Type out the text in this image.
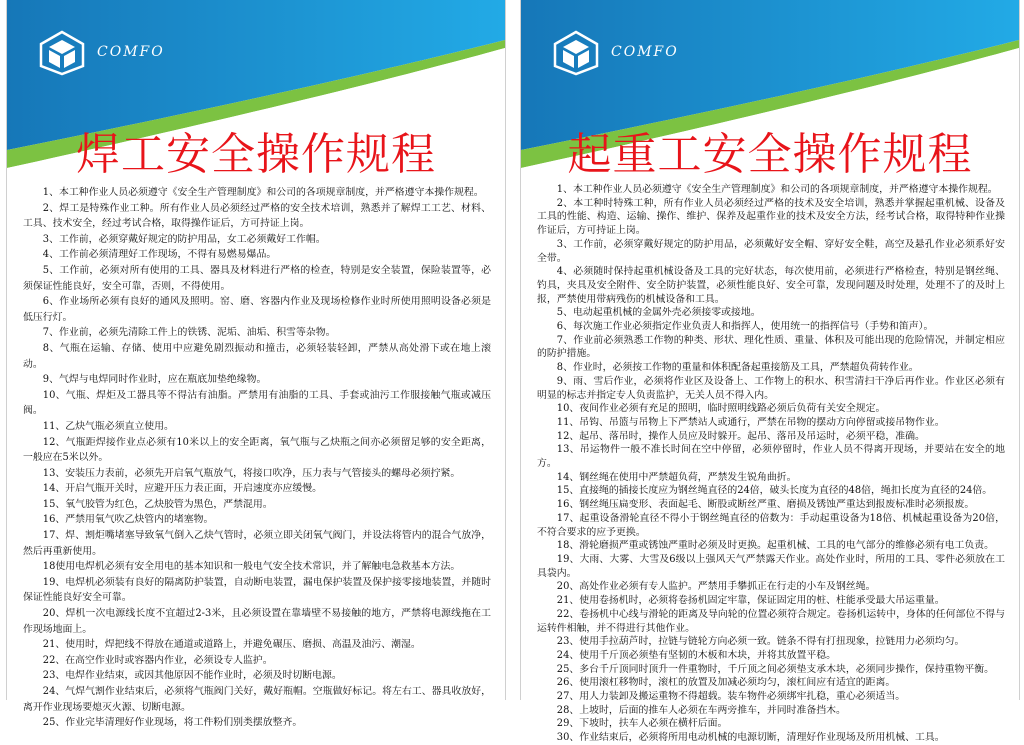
COMFO
焊工安全操作规程

1、本工种作业人员必须遵守《安全生产管理制度》和公司的各项规章制度，并严格遵守本操作规程。

2、焊工是特殊作业工种。所有作业人员必须经过严格的安全技术培训，熟悉并了解焊工工艺、材料、工具、技术安全，经过考试合格，取得操作证后，方可持证上岗。

3、工作前，必须穿戴好规定的防护用品，女工必须戴好工作帽。

4、工作前必须清理好工作现场，不得有易燃易爆品。

5、工作前，必须对所有使用的工具、器具及材料进行严格的检查，特别是安全装置，保险装置等，必须保证性能良好，安全可靠，否则，不得使用。

6、作业场所必须有良好的通风及照明。窑、磨、容器内作业及现场检修作业时所使用照明设备必须是低压行灯。

7、作业前，必须先清除工件上的铁锈、泥垢、油垢、积雪等杂物。

8、气瓶在运输、存储、使用中应避免剧烈振动和撞击，必须轻装轻卸，严禁从高处滑下或在地上滚动。

9、气焊与电焊同时作业时，应在瓶底加垫绝缘物。

10、气瓶、焊炬及工器具等不得沾有油脂。严禁用有油脂的工具、手套或油污工作服接触气瓶或减压阀。

11、乙炔气瓶必须直立使用。

12、气瓶距焊接作业点必须有10米以上的安全距离，氧气瓶与乙炔瓶之间亦必须留足够的安全距离，一般应在5米以外。

13、安装压力表前，必须先开启氧气瓶放气，将接口吹净，压力表与气管接头的螺母必须拧紧。

14、开启气瓶开关时，应避开压力表正面，开启速度亦应缓慢。

15、氧气胶管为红色，乙炔胶管为黑色，严禁混用。

16、严禁用氧气吹乙炔管内的堵塞物。

17、焊、割炬嘴堵塞导致氧气倒入乙炔气管时，必须立即关闭氧气阀门，并设法将管内的混合气放净，然后再重新使用。

18使用电焊机必须有安全用电的基本知识和一般电气安全技术常识，并了解触电急救基本方法。

19、电焊机必须装有良好的隔离防护装置，自动断电装置，漏电保护装置及保护接零接地装置，并随时保证性能良好安全可靠。

20、焊机一次电源线长度不宜超过2-3米，且必须设置在靠墙壁不易接触的地方，严禁将电源线拖在工作现场地面上。

21、使用时，焊把线不得放在通道或道路上，并避免碾压、磨损、高温及油污、潮湿。

22、在高空作业时或容器内作业，必须设专人监护。

23、电焊作业结束，或因其他原因不能作业时，必须及时切断电源。

24、气焊气割作业结束后，必须将气瓶阀门关好，戴好瓶帽。空瓶做好标记。将左右工、器具收放好，离开作业现场要熄灭火源、切断电源。

25、作业完毕清理好作业现场，将工件粉们别类摆放整齐。

COMFO
起重工安全操作规程

1、本工种作业人员必须遵守《安全生产管理制度》和公司的各项规章制度，并严格遵守本操作规程。

2、本工种时特殊工种，所有作业人员必须经过严格的技术及安全培训，熟悉并掌握起重机械、设备及工具的性能、构造、运输、操作、维护、保养及起重作业的技术及安全方法，经考试合格，取得特种作业操作证后，方可持证上岗。

3、工作前，必须穿戴好规定的防护用品，必须戴好安全帽、穿好安全鞋，高空及悬孔作业必须系好安全带。

4、必须随时保持起重机械设备及工具的完好状态，每次使用前，必须进行严格检查，特别是钢丝绳、钓具，夹具及安全附件、安全防护装置，必须性能良好、安全可靠，发现问题及时处理，处理不了的及时上报，严禁使用带病残伤的机械设备和工具。

5、电动起重机械的金属外壳必须接零或接地。

6、每次施工作业必须指定作业负责人和指挥人，使用统一的指挥信号（手势和笛声）。

7、作业前必须熟悉工作物的种类、形状、理化性质、重量、体积及可能出现的危险情况，并制定相应的防护措施。

8、作业时，必须按工作物的重量和体积配备起重接筋及工具，严禁超负荷转作业。

9、雨、雪后作业，必须将作业区及设备上、工作物上的积水、积雪清扫干净后再作业。作业区必须有明显的标志并指定专人负责监护，无关人员不得入内。

10、夜间作业必须有充足的照明，临时照明线路必须后负荷有关安全规定。

11、吊钩、吊篮与吊物上下严禁站人或通行，严禁在吊物的摆动方向停留或接吊物作业。

12、起吊、落吊时，操作人员应及时躲开。起吊、落吊及吊运时，必须平稳，准确。

13、吊运物件一般不准长时间在空中停留，必须停留时，作业人员不得离开现场，并要站在安全的地方。

14、钢丝绳在使用中严禁超负荷，严禁发生锐角曲折。

15、直接绳的插接长度应为钢丝绳直径的24倍，破头长度为直径的48倍，绳扣长度为直径的24倍。

16、钢丝绳压扁变形、表面起毛、断股或断丝严重、磨损及锈蚀严重达到报废标准时必须报废。

17、起重设备滑轮直径不得小于钢丝绳直径的倍数为：手动起重设备为18倍、机械起重设备为20倍，不符合要求的应予更换。

18、滑轮磨损严重或锈蚀严重时必须及时更换。起重机械、工具的电气部分的维修必须有电工负责。

19、大雨、大雾、大雪及6级以上强风天气严禁露天作业。高处作业时，所用的工具、零件必须放在工具袋内。

20、高处作业必须有专人监护。严禁用手攀抓正在行走的小车及钢丝绳。

21、使用卷扬机时，必须将卷扬机固定牢靠，保证固定用的桩、柱能承受最大吊运重量。

22、卷扬机中心线与滑轮的距离及导向轮的位置必须符合规定。卷扬机运转中，身体的任何部位不得与运转件相触，并不得进行其他作业。

23、使用手拉葫芦时，拉链与链轮方向必须一致。链条不得有打扭现象，拉链用力必须均匀。

24、使用千斤顶必须垫有坚韧的木板和木块，并将其放置平稳。

25、多台千斤顶同时顶升一件重物时，千斤顶之间必须垫支承木块，必须同步操作，保持重物平衡。

26、使用滚杠移物时，滚杠的放置及加减必须均匀，滚杠间应有适宜的距离。

27、用人力装卸及搬运重物不得超载。装车物件必须绑牢扎稳，重心必须适当。

28、上坡时，后面的推车人必须在车两旁推车，并同时准备挡木。

29、下坡时，扶车人必须在横杆后面。

30、作业结束后，必须将所用电动机械的电源切断，清理好作业现场及所用机械、工具。
